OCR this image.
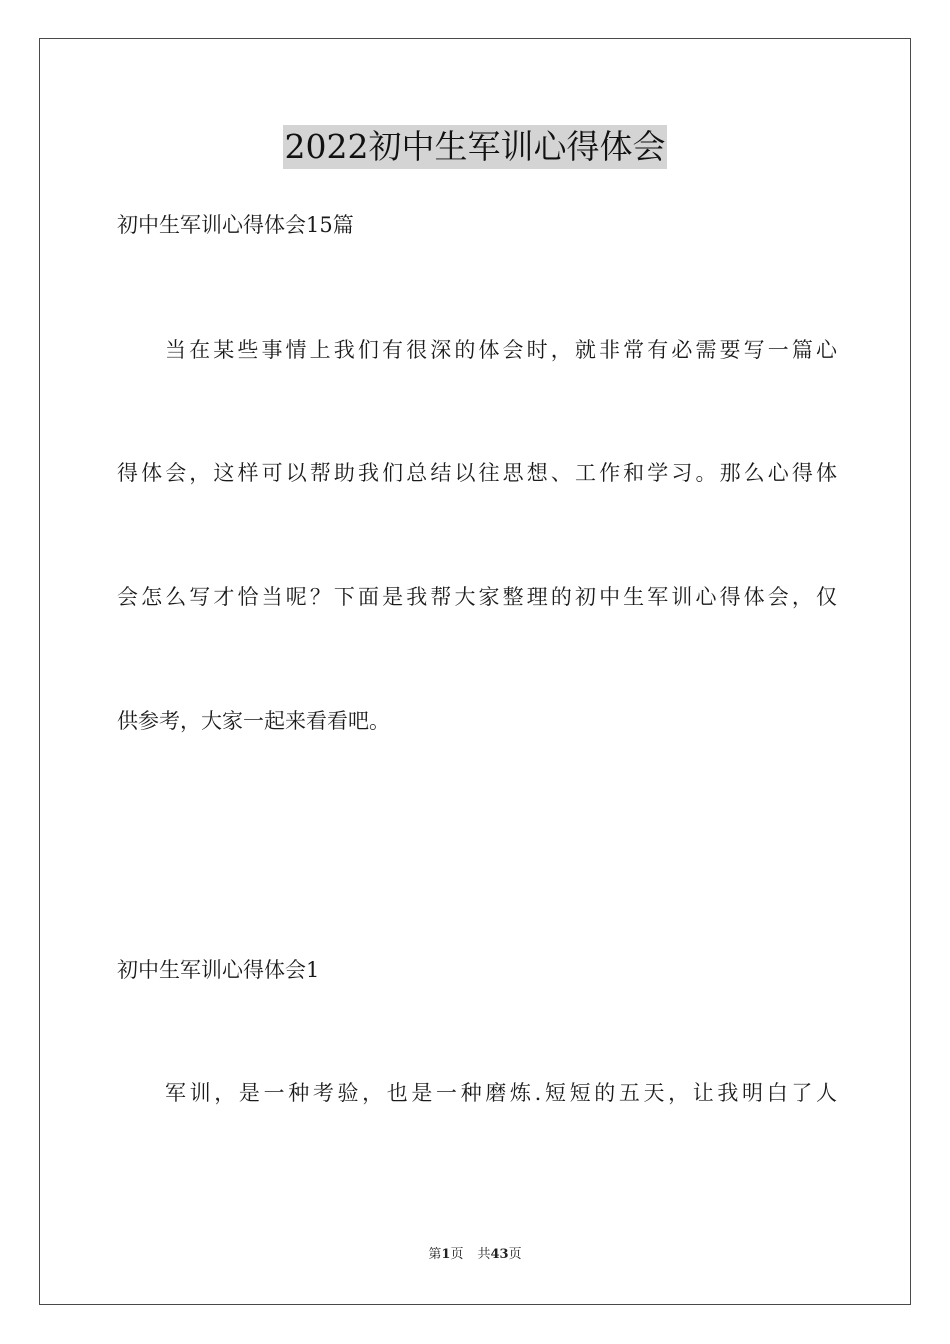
2022初中生军训心得体会
初中生军训心得体会15篇
当在某些事情上我们有很深的体会时，就非常有必需要写一篇心
得体会，这样可以帮助我们总结以往思想、工作和学习。那么心得体
会怎么写才恰当呢？下面是我帮大家整理的初中生军训心得体会，仅
供参考，大家一起来看看吧。
初中生军训心得体会1
军训，是一种考验，也是一种磨炼.短短的五天，让我明白了人
第1页 共43页
